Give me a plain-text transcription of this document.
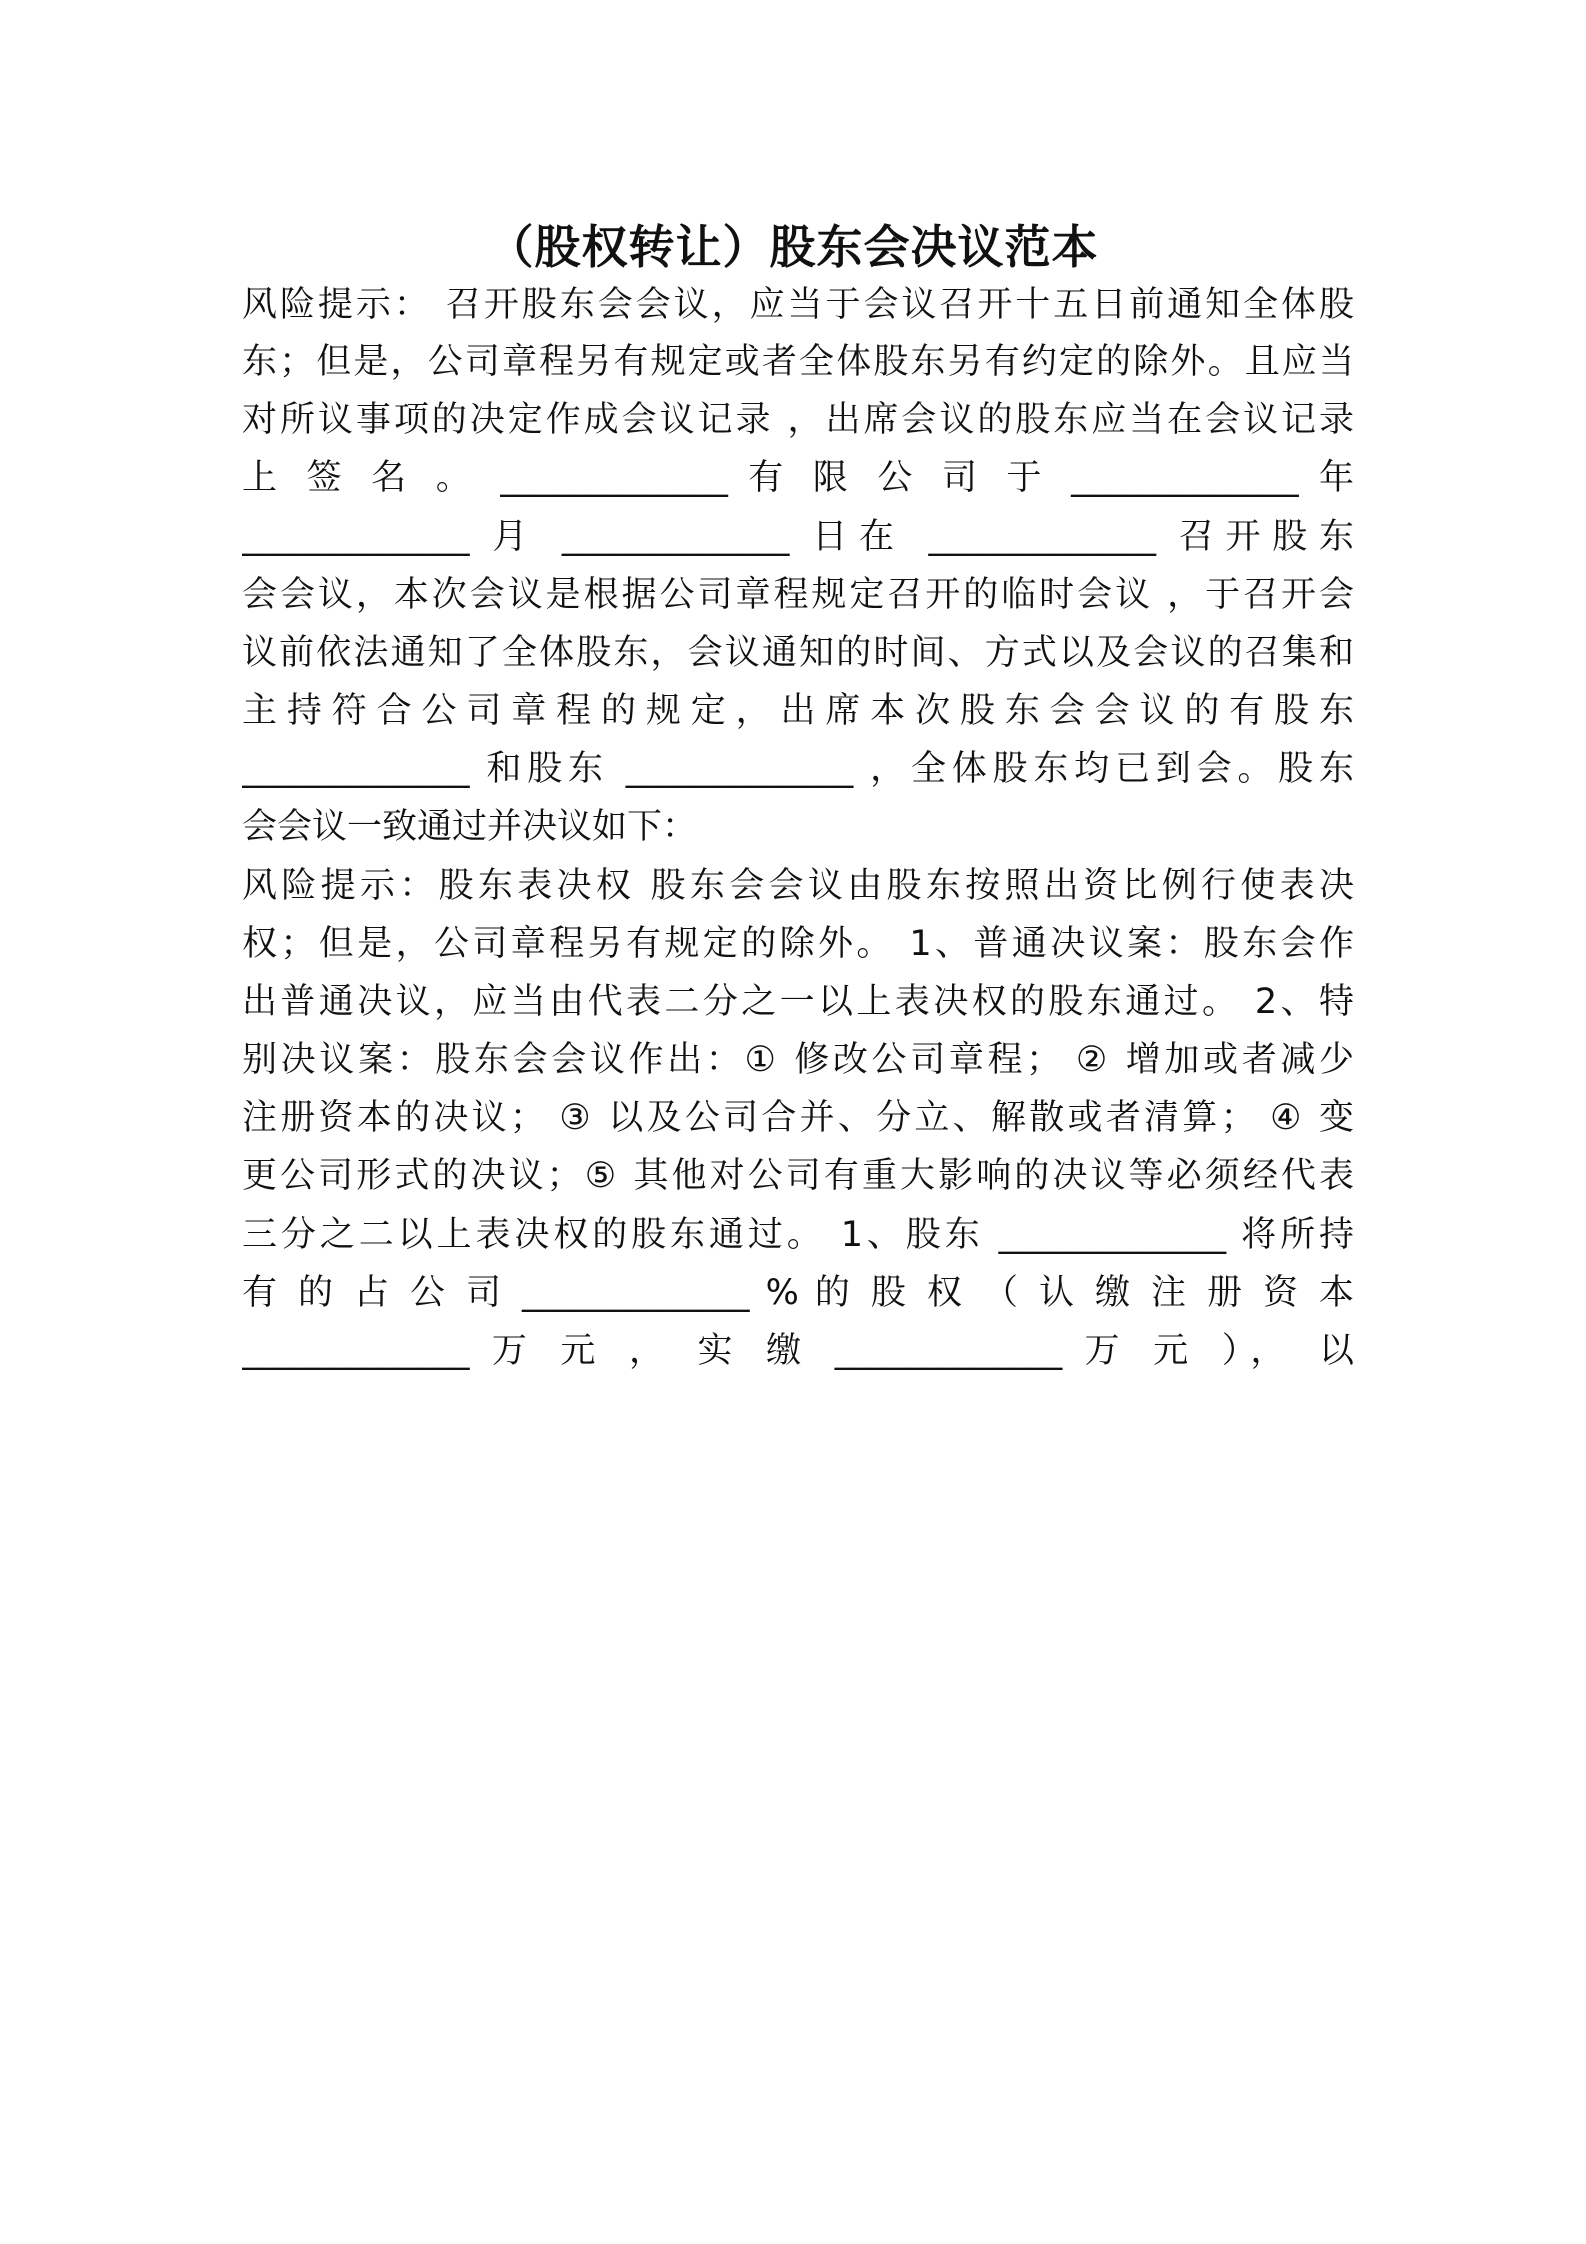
（股权转让）股东会决议范本
风险提示： 召开股东会会议，应当于会议召开十五日前通知全体股
东；但是，公司章程另有规定或者全体股东另有约定的除外。且应当
对所议事项的决定作成会议记录 ，出席会议的股东应当在会议记录
上 签 名 。 _____________ 有 限 公 司 于 _____________ 年
_____________ 月 _____________ 日在 _____________ 召开股东
会会议，本次会议是根据公司章程规定召开的临时会议 ，于召开会
议前依法通知了全体股东，会议通知的时间、方式以及会议的召集和
主持符合公司章程的规定，出席本次股东会会议的有股东
_____________ 和股东 _____________ ，全体股东均已到会。股东
会会议一致通过并决议如下：
风险提示：股东表决权 股东会会议由股东按照出资比例行使表决
权；但是，公司章程另有规定的除外。 1、普通决议案：股东会作
出普通决议，应当由代表二分之一以上表决权的股东通过。 2、特
别决议案：股东会会议作出：① 修改公司章程； ② 增加或者减少
注册资本的决议； ③ 以及公司合并、分立、解散或者清算； ④ 变
更公司形式的决议；⑤ 其他对公司有重大影响的决议等必须经代表
三分之二以上表决权的股东通过。 1、股东 _____________ 将所持
有 的 占 公 司 _____________ % 的 股 权 （ 认 缴 注 册 资 本
_____________ 万 元 ， 实 缴 _____________ 万 元 ）， 以
